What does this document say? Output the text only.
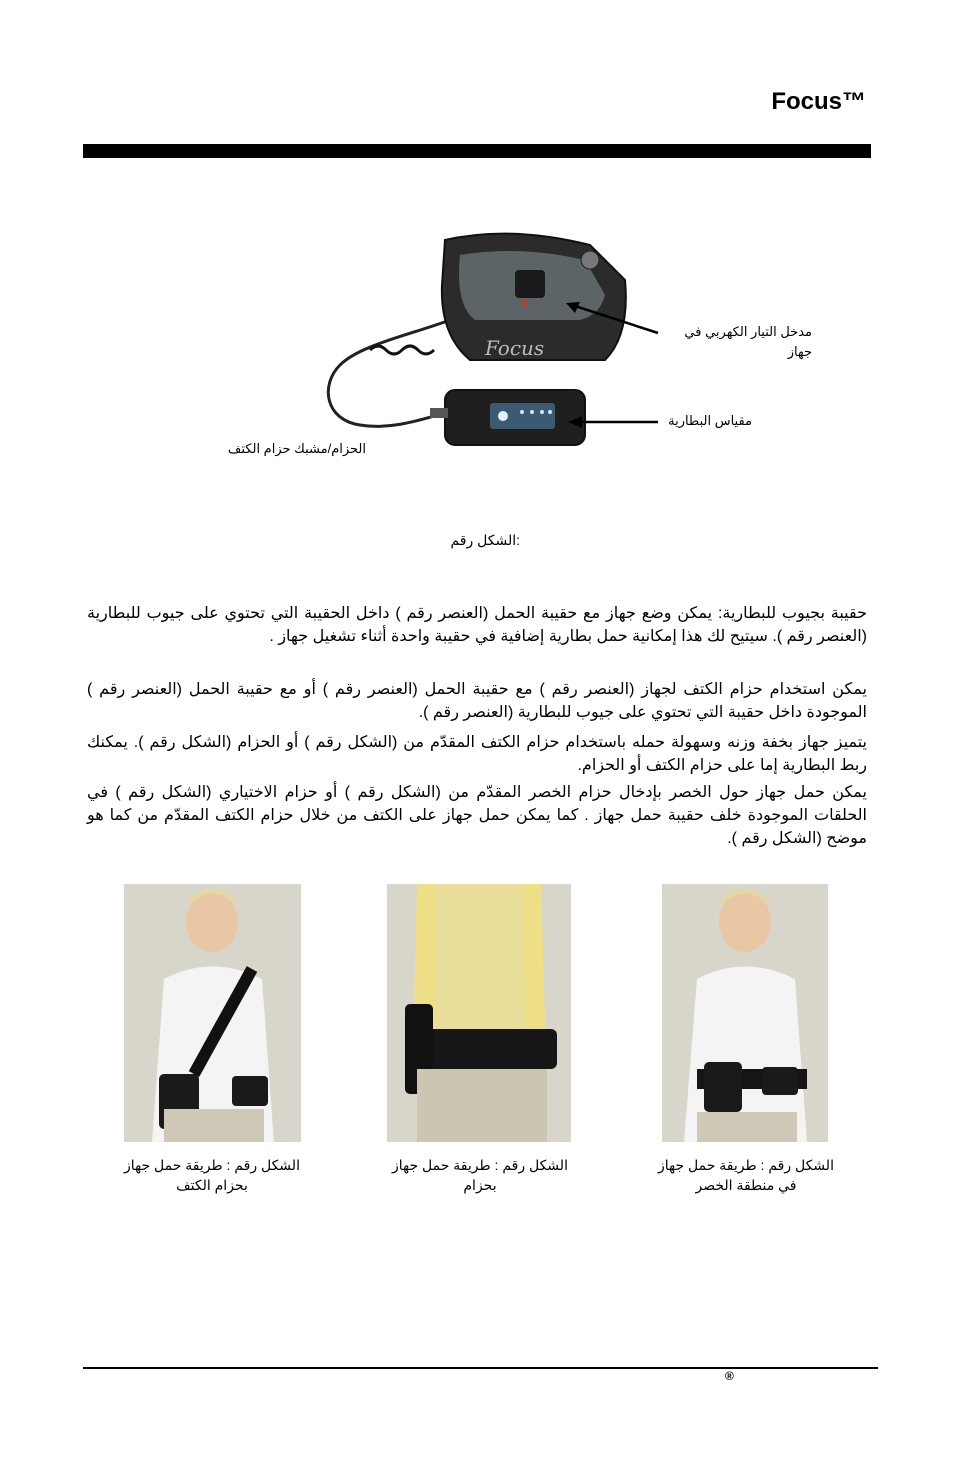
Focus™
Focus
مدخل التيار الكهربي في جهاز
مقياس البطارية
الحزام/مشبك حزام الكتف
:الشكل رقم
حقيبة بجيوب للبطارية: يمكن وضع جهاز مع حقيبة الحمل (العنصر رقم ) داخل الحقيبة التي تحتوي على جيوب للبطارية (العنصر رقم ). سيتيح لك هذا إمكانية حمل بطارية إضافية في حقيبة واحدة أثناء تشغيل جهاز .
يمكن استخدام حزام الكتف لجهاز (العنصر رقم ) مع حقيبة الحمل (العنصر رقم ) أو مع حقيبة الحمل (العنصر رقم ) الموجودة داخل حقيبة التي تحتوي على جيوب للبطارية (العنصر رقم ).
يتميز جهاز بخفة وزنه وسهولة حمله باستخدام حزام الكتف المقدّم من (الشكل رقم ) أو الحزام (الشكل رقم ). يمكنك ربط البطارية إما على حزام الكتف أو الحزام.
يمكن حمل جهاز حول الخصر بإدخال حزام الخصر المقدّم من (الشكل رقم ) أو حزام الاختياري (الشكل رقم ) في الحلقات الموجودة خلف حقيبة حمل جهاز . كما يمكن حمل جهاز على الكتف من خلال حزام الكتف المقدّم من كما هو موضح (الشكل رقم ).
الشكل رقم : طريقة حمل جهاز
بحزام الكتف
الشكل رقم : طريقة حمل جهاز
بحزام
الشكل رقم : طريقة حمل جهاز
في منطقة الخصر
®
